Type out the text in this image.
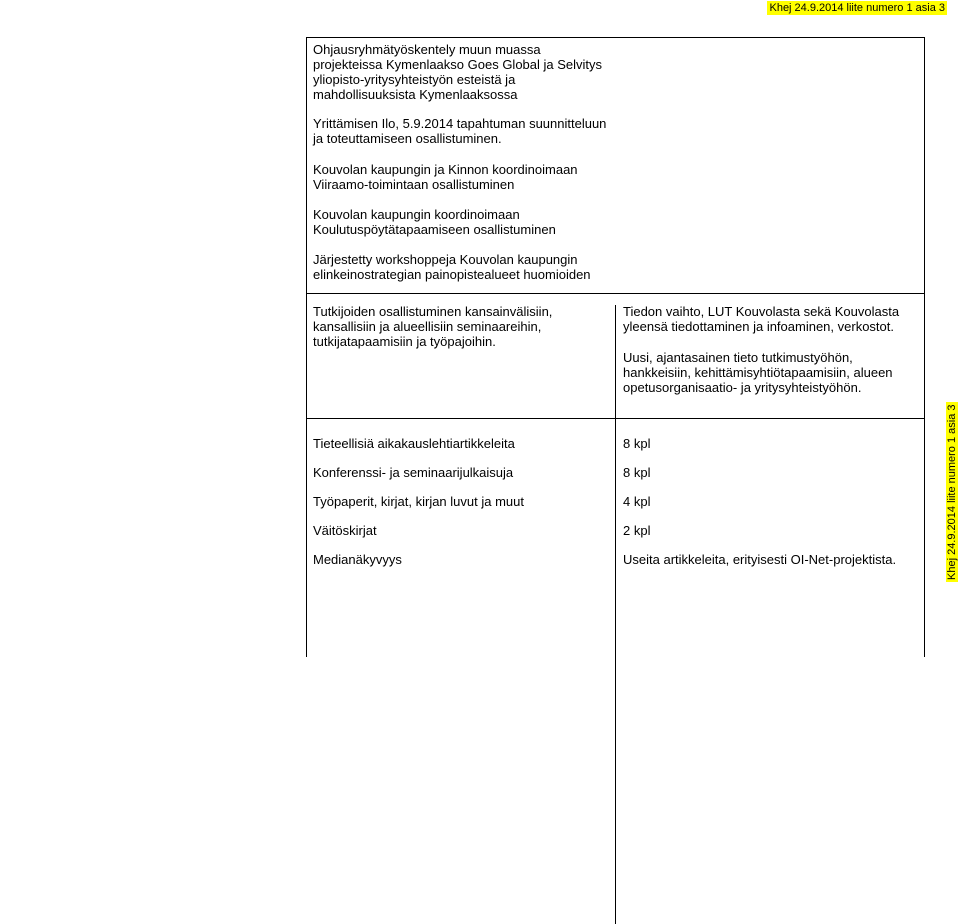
Khej 24.9.2014 liite numero 1 asia 3
Khej 24.9.2014 liite numero 1 asia 3

Ohjausryhmätyöskentely muun muassa projekteissa Kymenlaakso Goes Global ja Selvitys yliopisto-yritysyhteistyön esteistä ja mahdollisuuksista Kymenlaaksossa

Yrittämisen Ilo, 5.9.2014 tapahtuman suunnitteluun ja toteuttamiseen osallistuminen.

Kouvolan kaupungin ja Kinnon koordinoimaan Viiraamo-toimintaan osallistuminen

Kouvolan kaupungin koordinoimaan Koulutuspöytätapaamiseen osallistuminen

Järjestetty workshoppeja Kouvolan kaupungin elinkeinostrategian painopistealueet huomioiden

Tutkijoiden osallistuminen kansainvälisiin, kansallisiin ja alueellisiin seminaareihin, tutkijatapaamisiin ja työpajoihin.

Tiedon vaihto, LUT Kouvolasta sekä Kouvolasta yleensä tiedottaminen ja infoaminen, verkostot.

Uusi, ajantasainen tieto tutkimustyöhön, hankkeisiin, kehittämisyhtiötapaamisiin, alueen opetusorganisaatio- ja yritysyhteistyöhön.

Tieteellisiä aikakauslehtiartikkeleita

Konferenssi- ja seminaarijulkaisuja

Työpaperit, kirjat, kirjan luvut ja muut

Väitöskirjat

Medianäkyvyys

8 kpl

8 kpl

4 kpl

2 kpl

Useita artikkeleita, erityisesti OI-Net-projektista.
